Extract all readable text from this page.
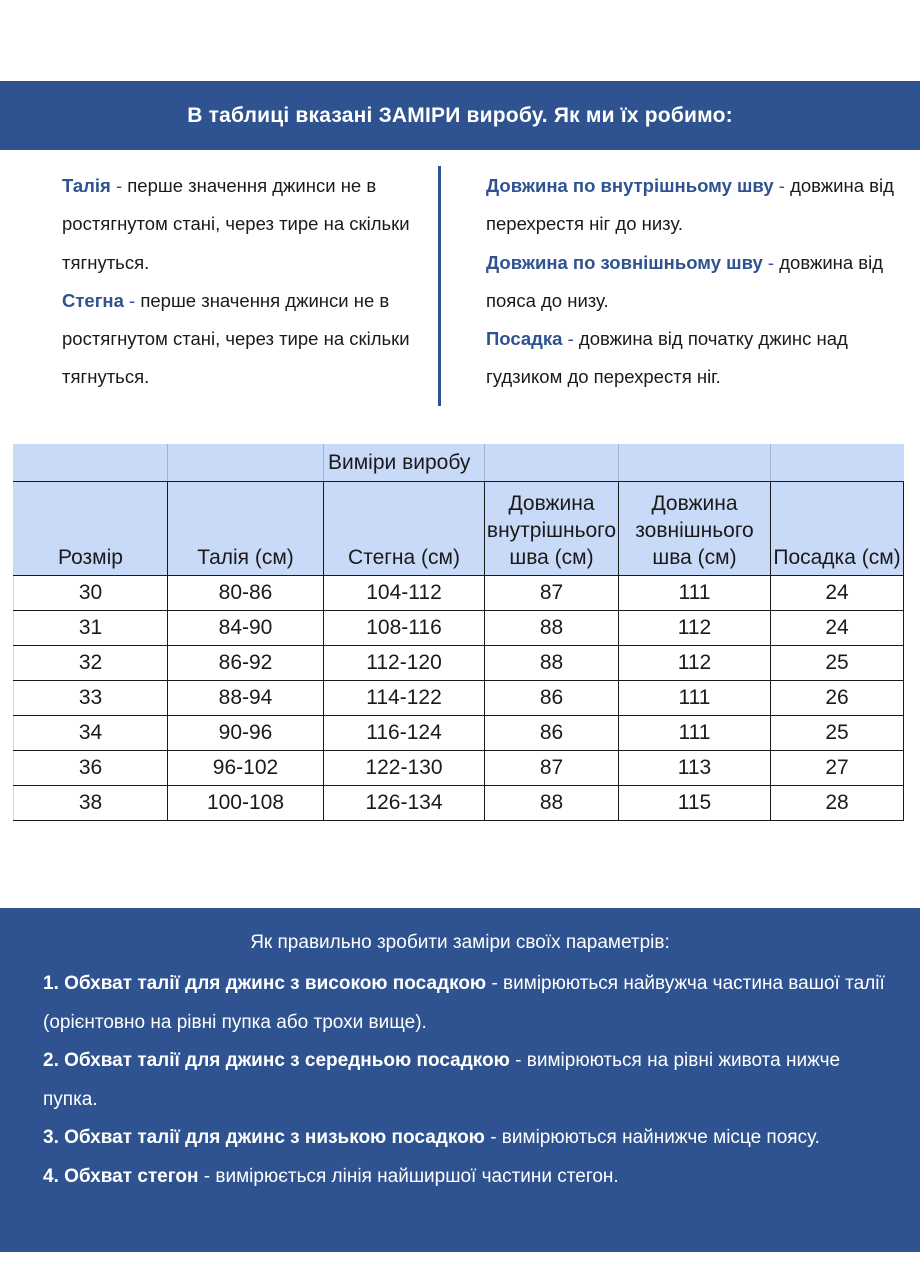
В таблиці вказані ЗАМІРИ виробу. Як ми їх робимо:

Талія - перше значення джинси не в ростягнутом стані, через тире на скільки тягнуться.

Стегна - перше значення джинси не в ростягнутом стані, через тире на скільки тягнуться.

Довжина по внутрішньому шву - довжина від перехрестя ніг до низу.

Довжина по зовнішньому шву - довжина від пояса до низу.

Посадка - довжина від початку джинс над гудзиком до перехрестя ніг.

		Виміри виробу			
Розмір	Талія (см)	Стегна (см)	Довжина внутрішнього шва (см)	Довжина зовнішнього шва (см)	Посадка (см)
30	80-86	104-112	87	111	24
31	84-90	108-116	88	112	24
32	86-92	112-120	88	112	25
33	88-94	114-122	86	111	26
34	90-96	116-124	86	111	25
36	96-102	122-130	87	113	27
38	100-108	126-134	88	115	28
Як правильно зробити заміри своїх параметрів:

1. Обхват талії для джинс з високою посадкою - вимірюються найвужча частина вашої талії (орієнтовно на рівні пупка або трохи вище).

2. Обхват талії для джинс з середньою посадкою - вимірюються на рівні живота нижче пупка.

3. Обхват талії для джинс з низькою посадкою - вимірюються найнижче місце поясу.

4. Обхват стегон - вимірюється лінія найширшої частини стегон.
